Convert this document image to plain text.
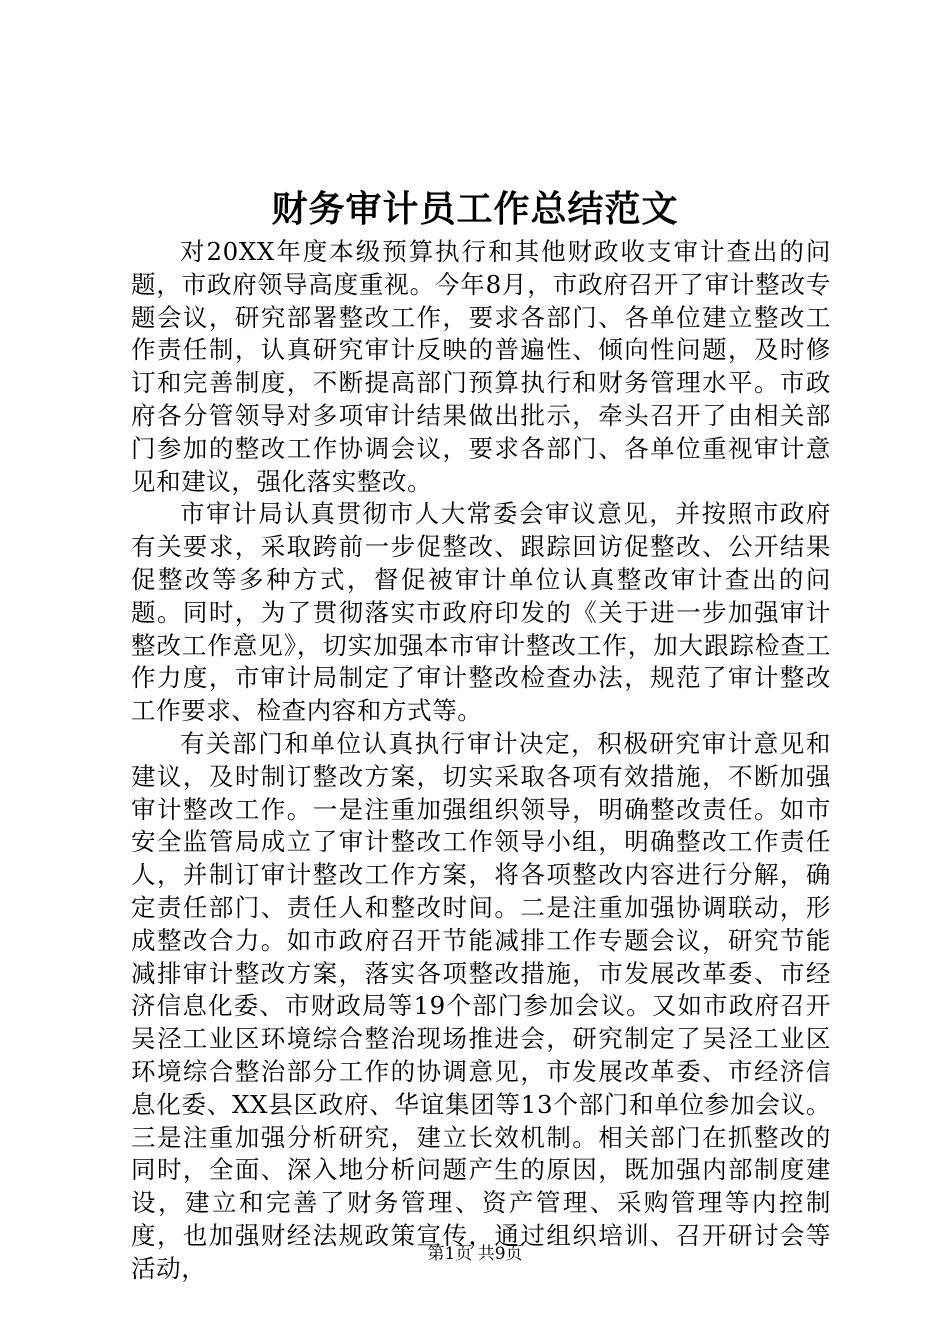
财务审计员工作总结范文

对20XX年度本级预算执行和其他财政收支审计查出的问题，市政府领导高度重视。今年8月，市政府召开了审计整改专题会议，研究部署整改工作，要求各部门、各单位建立整改工作责任制，认真研究审计反映的普遍性、倾向性问题，及时修订和完善制度，不断提高部门预算执行和财务管理水平。市政府各分管领导对多项审计结果做出批示，牵头召开了由相关部门参加的整改工作协调会议，要求各部门、各单位重视审计意见和建议，强化落实整改。

市审计局认真贯彻市人大常委会审议意见，并按照市政府有关要求，采取跨前一步促整改、跟踪回访促整改、公开结果促整改等多种方式，督促被审计单位认真整改审计查出的问题。同时，为了贯彻落实市政府印发的《关于进一步加强审计整改工作意见》，切实加强本市审计整改工作，加大跟踪检查工作力度，市审计局制定了审计整改检查办法，规范了审计整改工作要求、检查内容和方式等。

有关部门和单位认真执行审计决定，积极研究审计意见和建议，及时制订整改方案，切实采取各项有效措施，不断加强审计整改工作。一是注重加强组织领导，明确整改责任。如市安全监管局成立了审计整改工作领导小组，明确整改工作责任人，并制订审计整改工作方案，将各项整改内容进行分解，确定责任部门、责任人和整改时间。二是注重加强协调联动，形成整改合力。如市政府召开节能减排工作专题会议，研究节能减排审计整改方案，落实各项整改措施，市发展改革委、市经济信息化委、市财政局等19个部门参加会议。又如市政府召开吴泾工业区环境综合整治现场推进会，研究制定了吴泾工业区环境综合整治部分工作的协调意见，市发展改革委、市经济信息化委、XX县区政府、华谊集团等13个部门和单位参加会议。三是注重加强分析研究，建立长效机制。相关部门在抓整改的同时，全面、深入地分析问题产生的原因，既加强内部制度建设，建立和完善了财务管理、资产管理、采购管理等内控制度，也加强财经法规政策宣传，通过组织培训、召开研讨会等活动，	第1页 共9页
